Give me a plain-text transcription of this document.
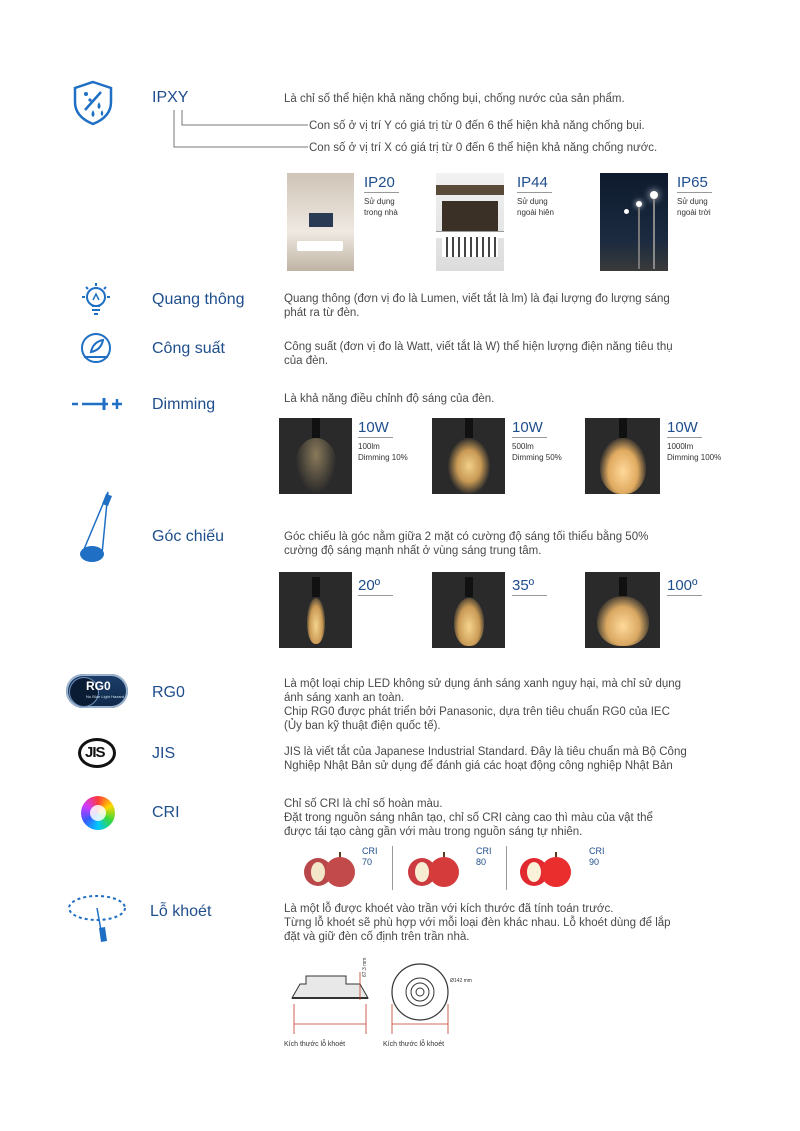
IPXY	Là chỉ số thể hiện khả năng chống bụi, chống nước của sản phẩm.
Con số ở vị trí Y có giá trị từ 0 đến 6 thể hiện khả năng chống bụi.
Con số ở vị trí X có giá trị từ 0 đến 6 thể hiện khả năng chống nước.
IP20
Sử dụng
trong nhà
IP44
Sử dụng
ngoài hiên
IP65
Sử dụng
ngoài trời
Quang thông	Quang thông (đơn vị đo là Lumen, viết tắt là lm) là đại lượng đo lượng sáng
phát ra từ đèn.
Công suất	Công suất (đơn vị đo là Watt, viết tắt là W) thể hiện lượng điện năng tiêu thụ
của đèn.
Dimming	Là khả năng điều chỉnh độ sáng của đèn.
10W
100lm
Dimming 10%
10W
500lm
Dimming 50%
10W
1000lm
Dimming 100%
Góc chiếu	Góc chiếu là góc nằm giữa 2 mặt có cường độ sáng tối thiểu bằng 50%
cường độ sáng mạnh nhất ở vùng sáng trung tâm.
20º	35º	100º
RG0
No Blue Light Hazard RG0	Là một loại chip LED không sử dụng ánh sáng xanh nguy hại, mà chỉ sử dụng
ánh sáng xanh an toàn.
Chip RG0 được phát triển bởi Panasonic, dựa trên tiêu chuẩn RG0 của IEC
(Ủy ban kỹ thuật điện quốc tế).
JIS	JIS	JIS là viết tắt của Japanese Industrial Standard. Đây là tiêu chuẩn mà Bộ Công
Nghiệp Nhật Bản sử dụng để đánh giá các hoạt động công nghiệp Nhật Bản
CRI	Chỉ số CRI là chỉ số hoàn màu.
Đặt trong nguồn sáng nhân tạo, chỉ số CRI càng cao thì màu của vật thể
được tái tạo càng gần với màu trong nguồn sáng tự nhiên.
CRI
70
CRI
80
CRI
90
Lỗ khoét	Là một lỗ được khoét vào trần với kích thước đã tính toán trước.
Từng lỗ khoét sẽ phù hợp với mỗi loại đèn khác nhau. Lỗ khoét dùng để lắp
đặt và giữ đèn cố định trên trần nhà.
67.3 mm
Kích thước lỗ khoét
Ø142 mm
Kích thước lỗ khoét
